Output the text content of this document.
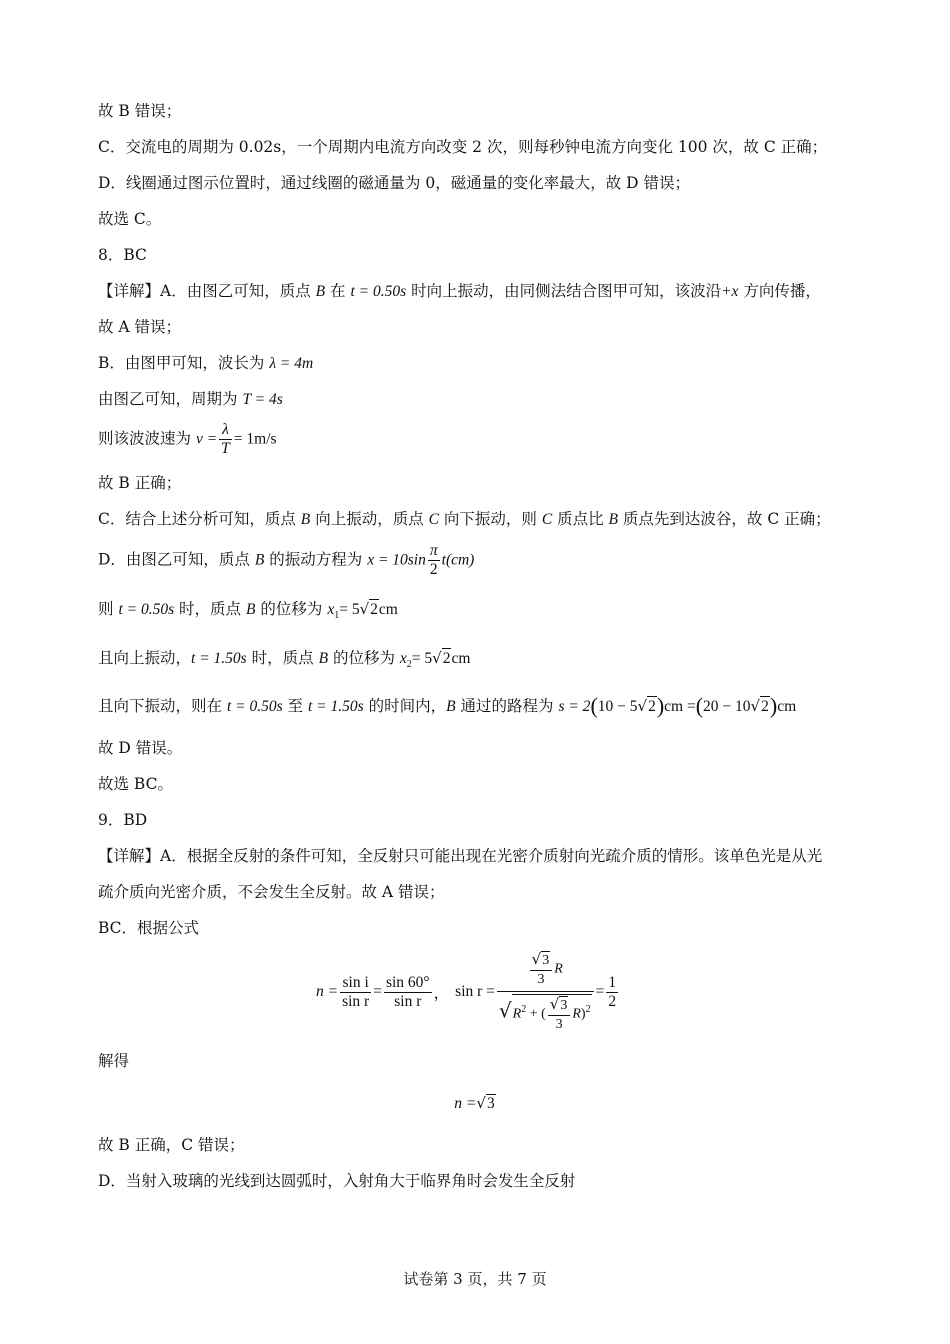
故 B 错误；
C．交流电的周期为 0.02s，一个周期内电流方向改变 2 次，则每秒钟电流方向变化 100 次，故 C 正确；
D．线圈通过图示位置时，通过线圈的磁通量为 0，磁通量的变化率最大，故 D 错误；
故选 C。
8．BC
【详解】A．由图乙可知，质点 B 在 t = 0.50s 时向上振动，由同侧法结合图甲可知，该波沿+x 方向传播，
故 A 错误；
B．由图甲可知，波长为 λ = 4m
由图乙可知，周期为 T = 4s
则该波波速为 $v = \frac{\lambda}{T} = 1m/s$
故 B 正确；
C．结合上述分析可知，质点 B 向上振动，质点 C 向下振动，则 C 质点比 B 质点先到达波谷，故 C 正确；
D．由图乙可知，质点 B 的振动方程为 $x = 10\sin \frac{\pi}{2} t(cm)$
则 t = 0.50s 时，质点 B 的位移为 $x_1= 5√2cm$
且向上振动，t = 1.50s 时，质点 B 的位移为 $x_2= 5√2cm$
且向下振动，则在 t = 0.50s 至 t = 1.50s 的时间内，B 通过的路程为 s = 2(10 − 5√2)cm =(20 − 10√2)cm
故 D 错误。
故选 BC。
9．BD
【详解】A．根据全反射的条件可知，全反射只可能出现在光密介质射向光疏介质的情形。该单色光是从光
疏介质向光密介质，不会发生全反射。故 A 错误；
BC．根据公式
$n = \frac{\text{sin i}}{\text{sin r}} = \frac{\sin 60^\circ}{\text{sin r}}$ ， $\sin r = \frac{\frac{√3}{3} R}{√R^2 + ( \frac{√3}{3} R)^2} = \frac{1}{2}$
解得
n =√3
故 B 正确，C 错误；
D．当射入玻璃的光线到达圆弧时，入射角大于临界角时会发生全反射
试卷第 3 页，共 7 页
